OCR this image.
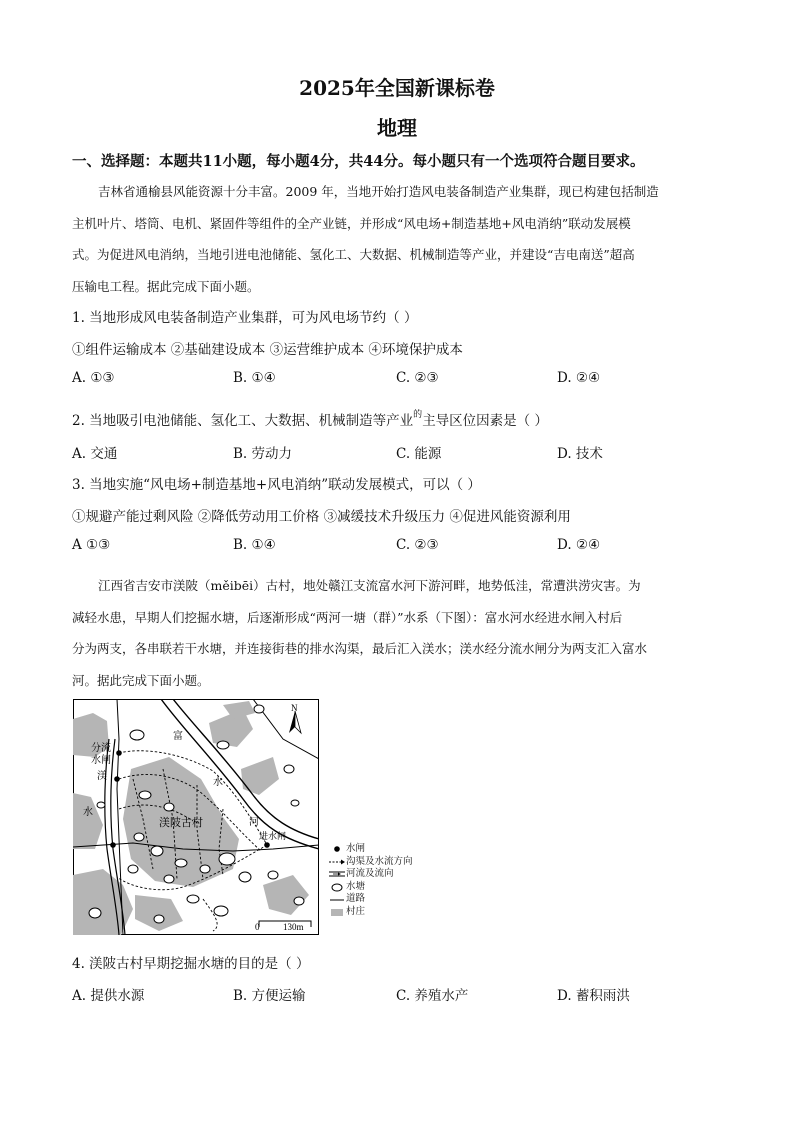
2025年全国新课标卷
地理
一、选择题：本题共11小题，每小题4分，共44分。每小题只有一个选项符合题目要求。
吉林省通榆县风能资源十分丰富。2009 年，当地开始打造风电装备制造产业集群，现已构建包括制造
主机叶片、塔筒、电机、紧固件等组件的全产业链，并形成“风电场+制造基地+风电消纳”联动发展模
式。为促进风电消纳，当地引进电池储能、氢化工、大数据、机械制造等产业，并建设“吉电南送”超高
压输电工程。据此完成下面小题。
1. 当地形成风电装备制造产业集群，可为风电场节约（ ）
①组件运输成本 ②基础建设成本 ③运营维护成本 ④环境保护成本
A. ①③	B. ①④	C. ②③	D. ②④
2. 当地吸引电池储能、氢化工、大数据、机械制造等产业$^的$主导区位因素是（ ）
A. 交通	B. 劳动力	C. 能源	D. 技术
3. 当地实施“风电场+制造基地+风电消纳”联动发展模式，可以（ ）
①规避产能过剩风险 ②降低劳动用工价格 ③减缓技术升级压力 ④促进风能资源利用
A ①③	B. ①④	C. ②③	D. ②④
江西省吉安市渼陂（měibēi）古村，地处赣江支流富水河下游河畔，地势低洼，常遭洪涝灾害。为
减轻水患，早期人们挖掘水塘，后逐渐形成“两河一塘（群）”水系（下图）：富水河水经进水闸入村后
分为两支，各串联若干水塘，并连接街巷的排水沟渠，最后汇入渼水；渼水经分流水闸分为两支汇入富水
河。据此完成下面小题。
渼陂古村
N
分流
水闸
渼
水
富
水
河
进水闸
0	130m
水闸
沟渠及水流方向
河流及流向
水塘
道路
村庄
4. 渼陂古村早期挖掘水塘的目的是（ ）
A. 提供水源	B. 方便运输	C. 养殖水产	D. 蓄积雨洪
